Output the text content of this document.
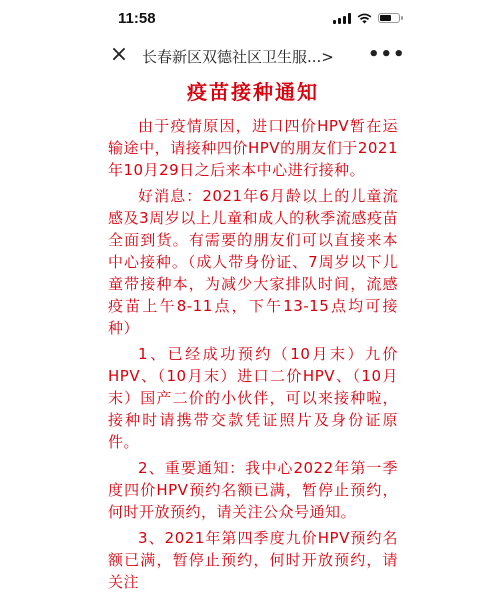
11:58
× 长春新区双德社区卫生服...>	•••
疫苗接种通知

由于疫情原因，进口四价HPV暂在运输途中，请接种四价HPV的朋友们于2021年10月29日之后来本中心进行接种。

好消息：2021年6月龄以上的儿童流感及3周岁以上儿童和成人的秋季流感疫苗全面到货。有需要的朋友们可以直接来本中心接种。（成人带身份证、7周岁以下儿童带接种本，为减少大家排队时间，流感疫苗上午8-11点，下午13-15点均可接种）

1、已经成功预约（10月末）九价HPV、（10月末）进口二价HPV、（10月末）国产二价的小伙伴，可以来接种啦，接种时请携带交款凭证照片及身份证原件。

2、重要通知：我中心2022年第一季度四价HPV预约名额已满，暂停止预约，何时开放预约，请关注公众号通知。

3、2021年第四季度九价HPV预约名额已满，暂停止预约，何时开放预约，请关注
